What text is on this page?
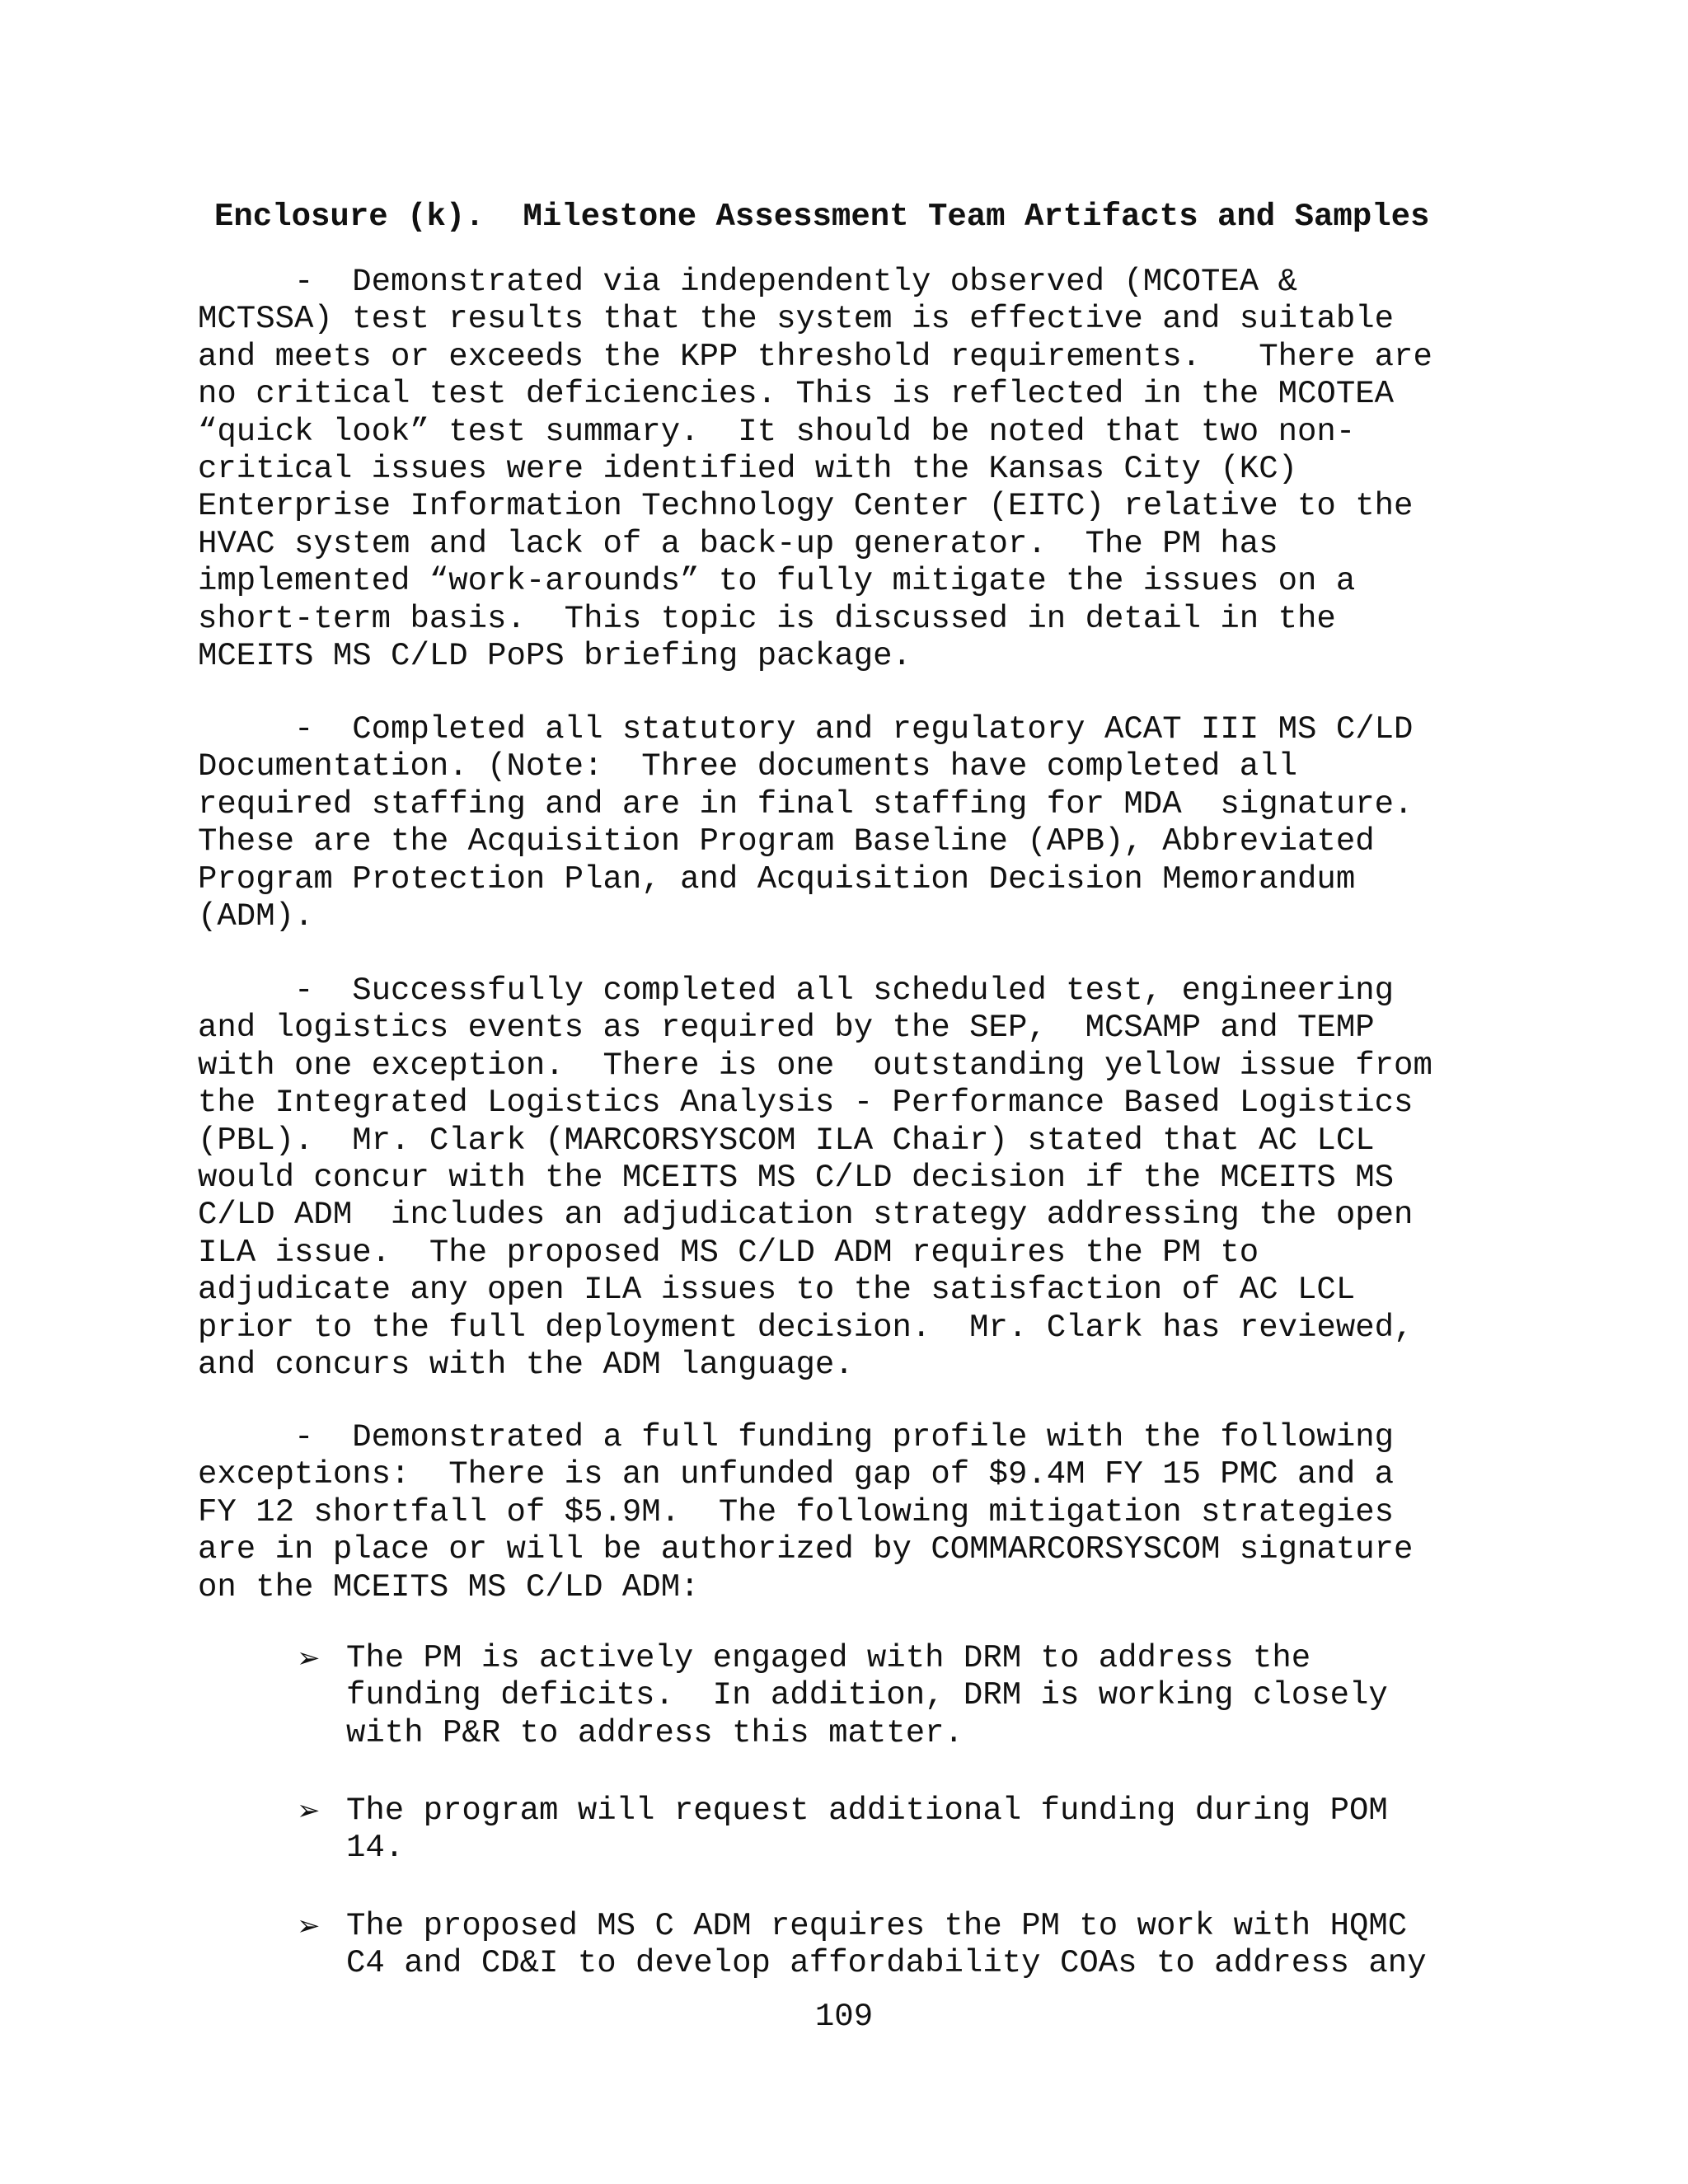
Enclosure (k).  Milestone Assessment Team Artifacts and Samples
-  Demonstrated via independently observed (MCOTEA &
MCTSSA) test results that the system is effective and suitable
and meets or exceeds the KPP threshold requirements.   There are
no critical test deficiencies. This is reflected in the MCOTEA
“quick look” test summary.  It should be noted that two non-
critical issues were identified with the Kansas City (KC)
Enterprise Information Technology Center (EITC) relative to the
HVAC system and lack of a back-up generator.  The PM has
implemented “work-arounds” to fully mitigate the issues on a
short-term basis.  This topic is discussed in detail in the
MCEITS MS C/LD PoPS briefing package.
-  Completed all statutory and regulatory ACAT III MS C/LD
Documentation. (Note:  Three documents have completed all
required staffing and are in final staffing for MDA  signature.
These are the Acquisition Program Baseline (APB), Abbreviated
Program Protection Plan, and Acquisition Decision Memorandum
(ADM).
-  Successfully completed all scheduled test, engineering
and logistics events as required by the SEP,  MCSAMP and TEMP
with one exception.  There is one  outstanding yellow issue from
the Integrated Logistics Analysis - Performance Based Logistics
(PBL).  Mr. Clark (MARCORSYSCOM ILA Chair) stated that AC LCL
would concur with the MCEITS MS C/LD decision if the MCEITS MS
C/LD ADM  includes an adjudication strategy addressing the open
ILA issue.  The proposed MS C/LD ADM requires the PM to
adjudicate any open ILA issues to the satisfaction of AC LCL
prior to the full deployment decision.  Mr. Clark has reviewed,
and concurs with the ADM language.
-  Demonstrated a full funding profile with the following
exceptions:  There is an unfunded gap of $9.4M FY 15 PMC and a
FY 12 shortfall of $5.9M.  The following mitigation strategies
are in place or will be authorized by COMMARCORSYSCOM signature
on the MCEITS MS C/LD ADM:
➢ The PM is actively engaged with DRM to address the
funding deficits.  In addition, DRM is working closely
with P&R to address this matter.
➢ The program will request additional funding during POM
14.
➢ The proposed MS C ADM requires the PM to work with HQMC
C4 and CD&I to develop affordability COAs to address any
109
